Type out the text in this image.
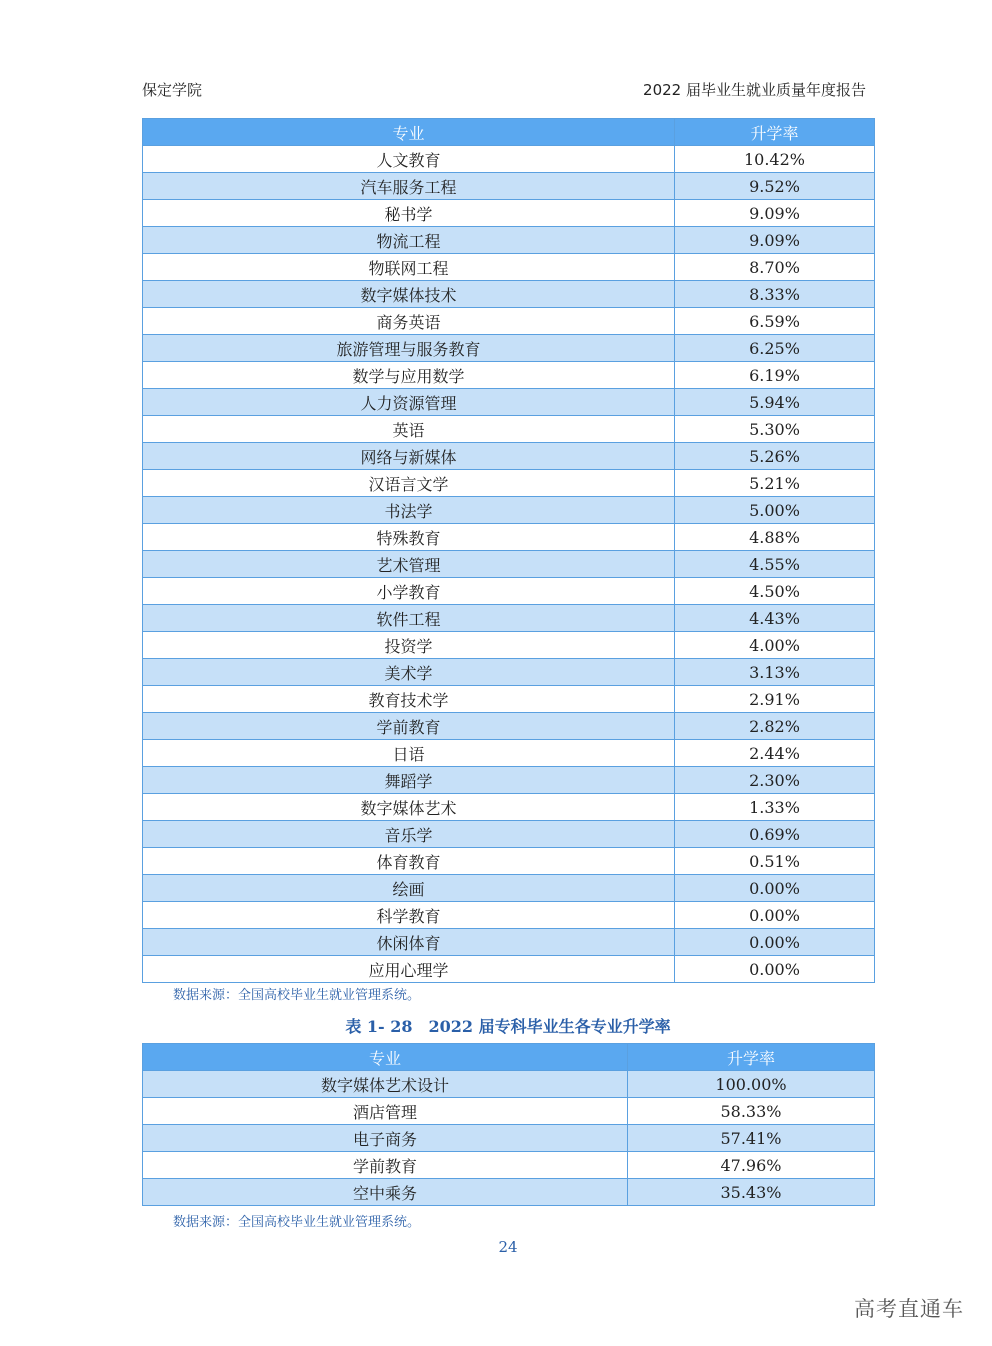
保定学院	2022 届毕业生就业质量年度报告
专业	升学率
人文教育	10.42%
汽车服务工程	9.52%
秘书学	9.09%
物流工程	9.09%
物联网工程	8.70%
数字媒体技术	8.33%
商务英语	6.59%
旅游管理与服务教育	6.25%
数学与应用数学	6.19%
人力资源管理	5.94%
英语	5.30%
网络与新媒体	5.26%
汉语言文学	5.21%
书法学	5.00%
特殊教育	4.88%
艺术管理	4.55%
小学教育	4.50%
软件工程	4.43%
投资学	4.00%
美术学	3.13%
教育技术学	2.91%
学前教育	2.82%
日语	2.44%
舞蹈学	2.30%
数字媒体艺术	1.33%
音乐学	0.69%
体育教育	0.51%
绘画	0.00%
科学教育	0.00%
休闲体育	0.00%
应用心理学	0.00%
数据来源：全国高校毕业生就业管理系统。
表 1- 28　2022 届专科毕业生各专业升学率
专业	升学率
数字媒体艺术设计	100.00%
酒店管理	58.33%
电子商务	57.41%
学前教育	47.96%
空中乘务	35.43%
数据来源：全国高校毕业生就业管理系统。
24
高考直通车
